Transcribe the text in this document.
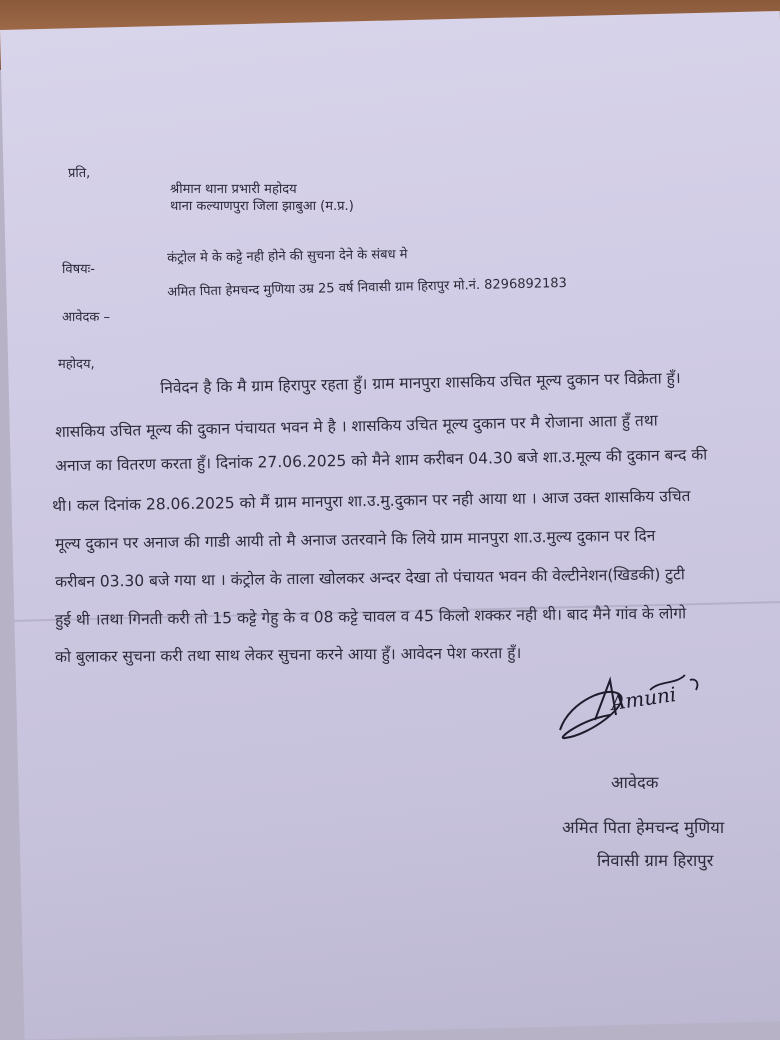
प्रति,
श्रीमान थाना प्रभारी महोदय
थाना कल्याणपुरा जिला झाबुआ (म.प्र.)
विषयः-
कंट्रोल मे के कट्टे नही होने की सुचना देने के संबध मे
आवेदक –
अमित पिता हेमचन्द मुणिया उम्र 25 वर्ष निवासी ग्राम हिरापुर मो.नं. 8296892183
महोदय,
निवेदन है कि मै ग्राम हिरापुर रहता हुँ। ग्राम मानपुरा शासकिय उचित मूल्य दुकान पर विक्रेता हुँ।
शासकिय उचित मूल्य की दुकान पंचायत भवन मे है । शासकिय उचित मूल्य दुकान पर मै रोजाना आता हुँ तथा
अनाज का वितरण करता हुँ। दिनांक 27.06.2025 को मैने शाम करीबन 04.30 बजे शा.उ.मूल्य की दुकान बन्द की
थी। कल दिनांक 28.06.2025 को मैं ग्राम मानपुरा शा.उ.मु.दुकान पर नही आया था । आज उक्त शासकिय उचित
मूल्य दुकान पर अनाज की गाडी आयी तो मै अनाज उतरवाने कि लिये ग्राम मानपुरा शा.उ.मुल्य दुकान पर दिन
करीबन 03.30 बजे गया था । कंट्रोल के ताला खोलकर अन्दर देखा तो पंचायत भवन की वेल्टीनेशन(खिडकी) टुटी
हुई थी ।तथा गिनती करी तो 15 कट्टे गेहु के व 08 कट्टे चावल व 45 किलो शक्कर नही थी। बाद मैने गांव के लोगो
को बुलाकर सुचना करी तथा साथ लेकर सुचना करने आया हुँ। आवेदन पेश करता हुँ।
Amuni
आवेदक
अमित पिता हेमचन्द मुणिया
निवासी ग्राम हिरापुर
